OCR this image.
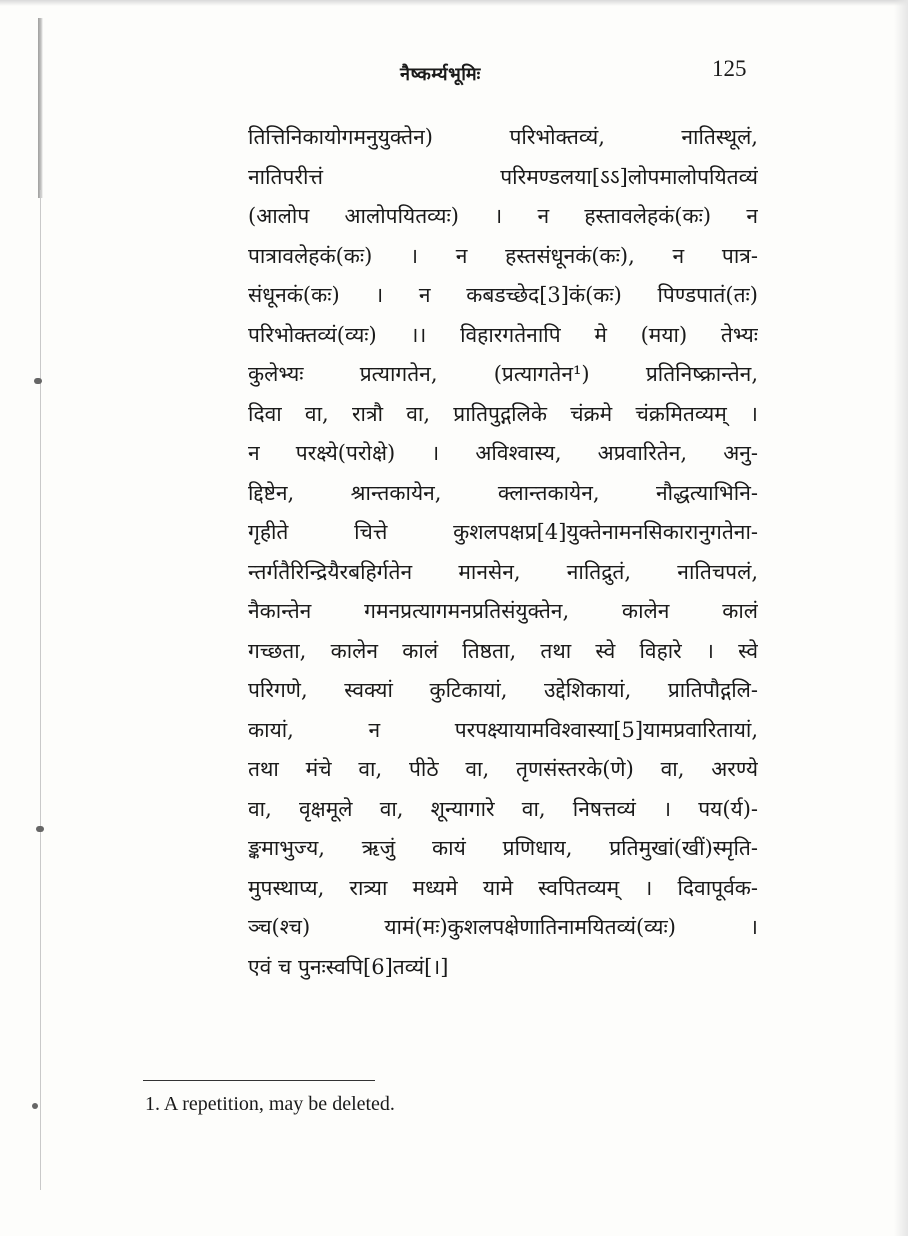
नैष्कर्म्यभूमिः	125
तित्तिनिकायोगमनुयुक्तेन) परिभोक्तव्यं, नातिस्थूलं,
नातिपरीत्तं परिमण्डलया[ऽऽ]लोपमालोपयितव्यं
(आलोप आलोपयितव्यः) । न हस्तावलेहकं(कः) न
पात्रावलेहकं(कः) । न हस्तसंधूनकं(कः), न पात्र-
संधूनकं(कः) । न कबडच्छेद[3]कं(कः) पिण्डपातं(तः)
परिभोक्तव्यं(व्यः) ।। विहारगतेनापि मे (मया) तेभ्यः
कुलेभ्यः प्रत्यागतेन, (प्रत्यागतेन¹) प्रतिनिष्क्रान्तेन,
दिवा वा, रात्रौ वा, प्रातिपुद्गलिके चंक्रमे चंक्रमितव्यम् ।
न परक्ष्ये(परोक्षे) । अविश्वास्य, अप्रवारितेन, अनु-
द्दिष्टेन, श्रान्तकायेन, क्लान्तकायेन, नौद्धत्याभिनि-
गृहीते चित्ते कुशलपक्षप्र[4]युक्तेनामनसिकारानुगतेना-
न्तर्गतैरिन्द्रियैरबहिर्गतेन मानसेन, नातिद्रुतं, नातिचपलं,
नैकान्तेन गमनप्रत्यागमनप्रतिसंयुक्तेन, कालेन कालं
गच्छता, कालेन कालं तिष्ठता, तथा स्वे विहारे । स्वे
परिगणे, स्वक्यां कुटिकायां, उद्देशिकायां, प्रातिपौद्गलि-
कायां, न परपक्ष्यायामविश्वास्या[5]यामप्रवारितायां,
तथा मंचे वा, पीठे वा, तृणसंस्तरके(णे) वा, अरण्ये
वा, वृक्षमूले वा, शून्यागारे वा, निषत्तव्यं । पय(र्य)-
ङ्कमाभुज्य, ऋजुं कायं प्रणिधाय, प्रतिमुखां(खीं)स्मृति-
मुपस्थाप्य, रात्र्या मध्यमे यामे स्वपितव्यम् । दिवापूर्वक-
ञ्च(श्च) यामं(मः)कुशलपक्षेणातिनामयितव्यं(व्यः) ।
एवं च पुनःस्वपि[6]तव्यं[।]
1. A repetition, may be deleted.
